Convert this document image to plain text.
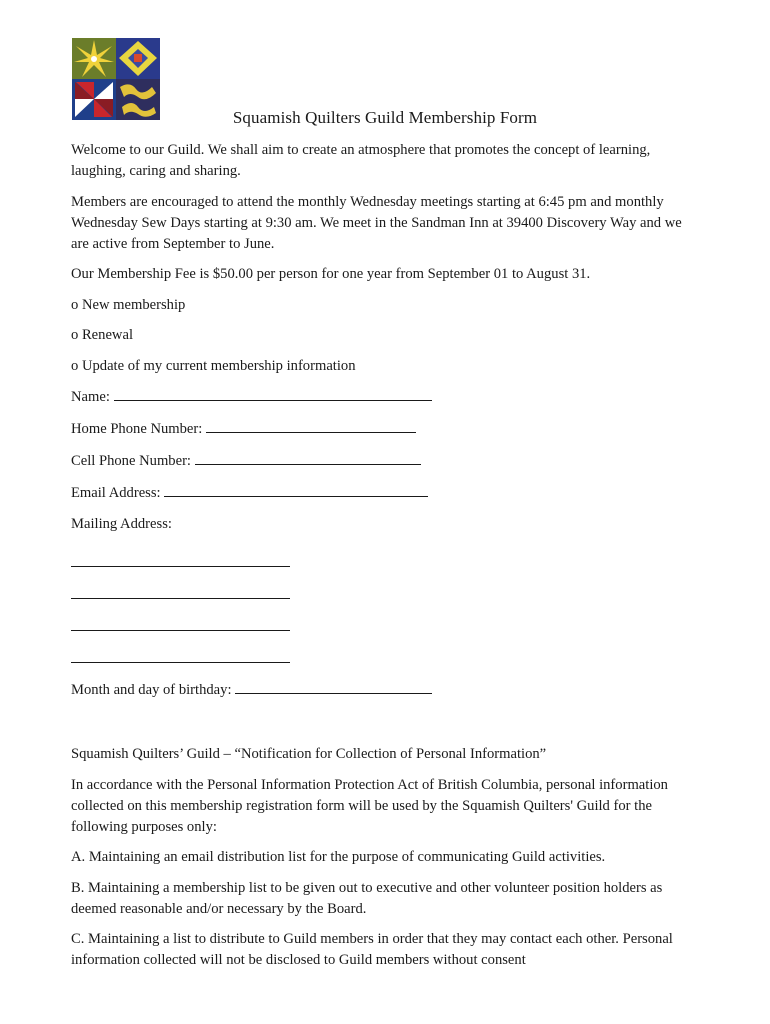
Squamish Quilters Guild Membership Form

Welcome to our Guild. We shall aim to create an atmosphere that promotes the concept of learning, laughing, caring and sharing.

Members are encouraged to attend the monthly Wednesday meetings starting at 6:45 pm and monthly Wednesday Sew Days starting at 9:30 am. We meet in the Sandman Inn at 39400 Discovery Way and we are active from September to June.

Our Membership Fee is $50.00 per person for one year from September 01 to August 31.

o New membership

o Renewal

o Update of my current membership information

Name:

Home Phone Number:

Cell Phone Number:

Email Address:

Mailing Address:

Month and day of birthday:

Squamish Quilters’ Guild – “Notification for Collection of Personal Information”

In accordance with the Personal Information Protection Act of British Columbia, personal information collected on this membership registration form will be used by the Squamish Quilters' Guild for the following purposes only:

A. Maintaining an email distribution list for the purpose of communicating Guild activities.

B. Maintaining a membership list to be given out to executive and other volunteer position holders as deemed reasonable and/or necessary by the Board.

C. Maintaining a list to distribute to Guild members in order that they may contact each other. Personal information collected will not be disclosed to Guild members without consent
